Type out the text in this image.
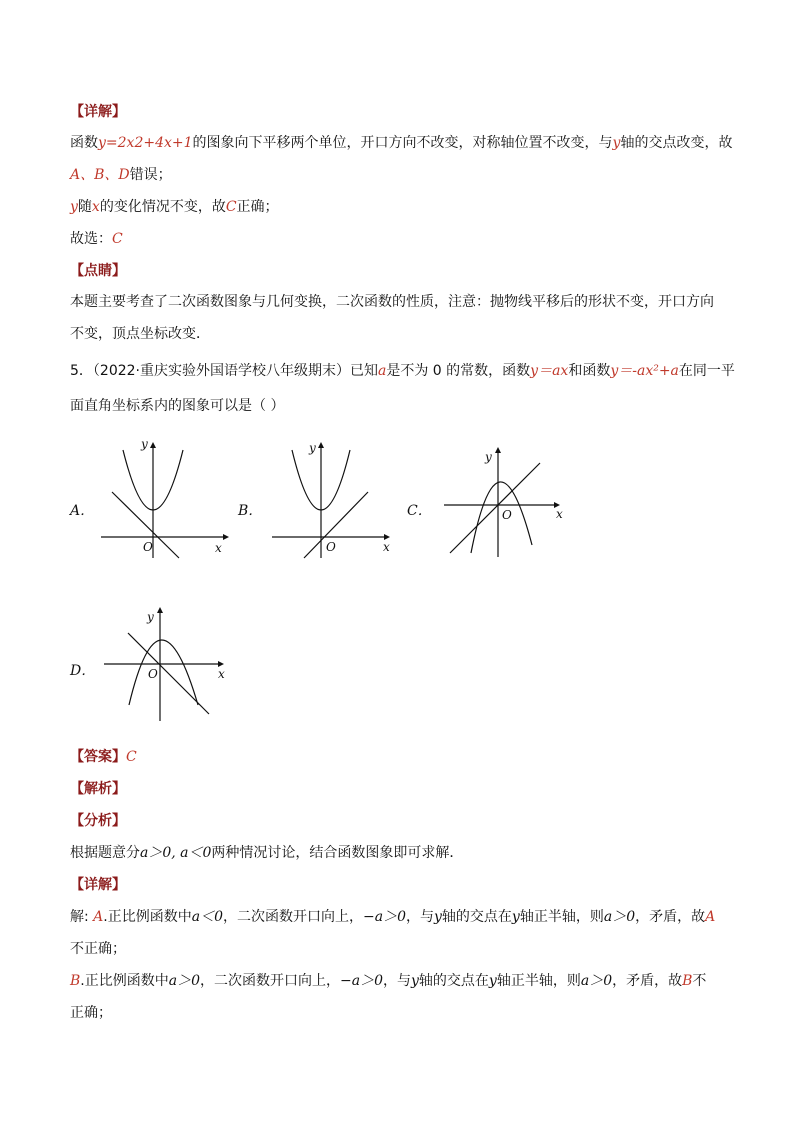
【详解】
函数y=2x2+4x+1的图象向下平移两个单位，开口方向不改变，对称轴位置不改变，与y轴的交点改变，故
A、B、D错误；
y随x的变化情况不变，故C正确；
故选：C
【点睛】
本题主要考查了二次函数图象与几何变换，二次函数的性质，注意：抛物线平移后的形状不变，开口方向
不变，顶点坐标改变．
5．（2022·重庆实验外国语学校八年级期末）已知a是不为 0 的常数，函数y＝ax和函数y＝-ax²+a在同一平
面直角坐标系内的图象可以是（ ）
A．
y
x
O
B．
y
x
O
C．
y
x
O
D．
y
x
O
【答案】C
【解析】
【分析】
根据题意分a＞0, a＜0两种情况讨论，结合函数图象即可求解．
【详解】
解: A.正比例函数中a＜0，二次函数开口向上，−a＞0，与y轴的交点在y轴正半轴，则a＞0，矛盾，故A
不正确；
B.正比例函数中a＞0，二次函数开口向上，−a＞0，与y轴的交点在y轴正半轴，则a＞0，矛盾，故B不
正确；
